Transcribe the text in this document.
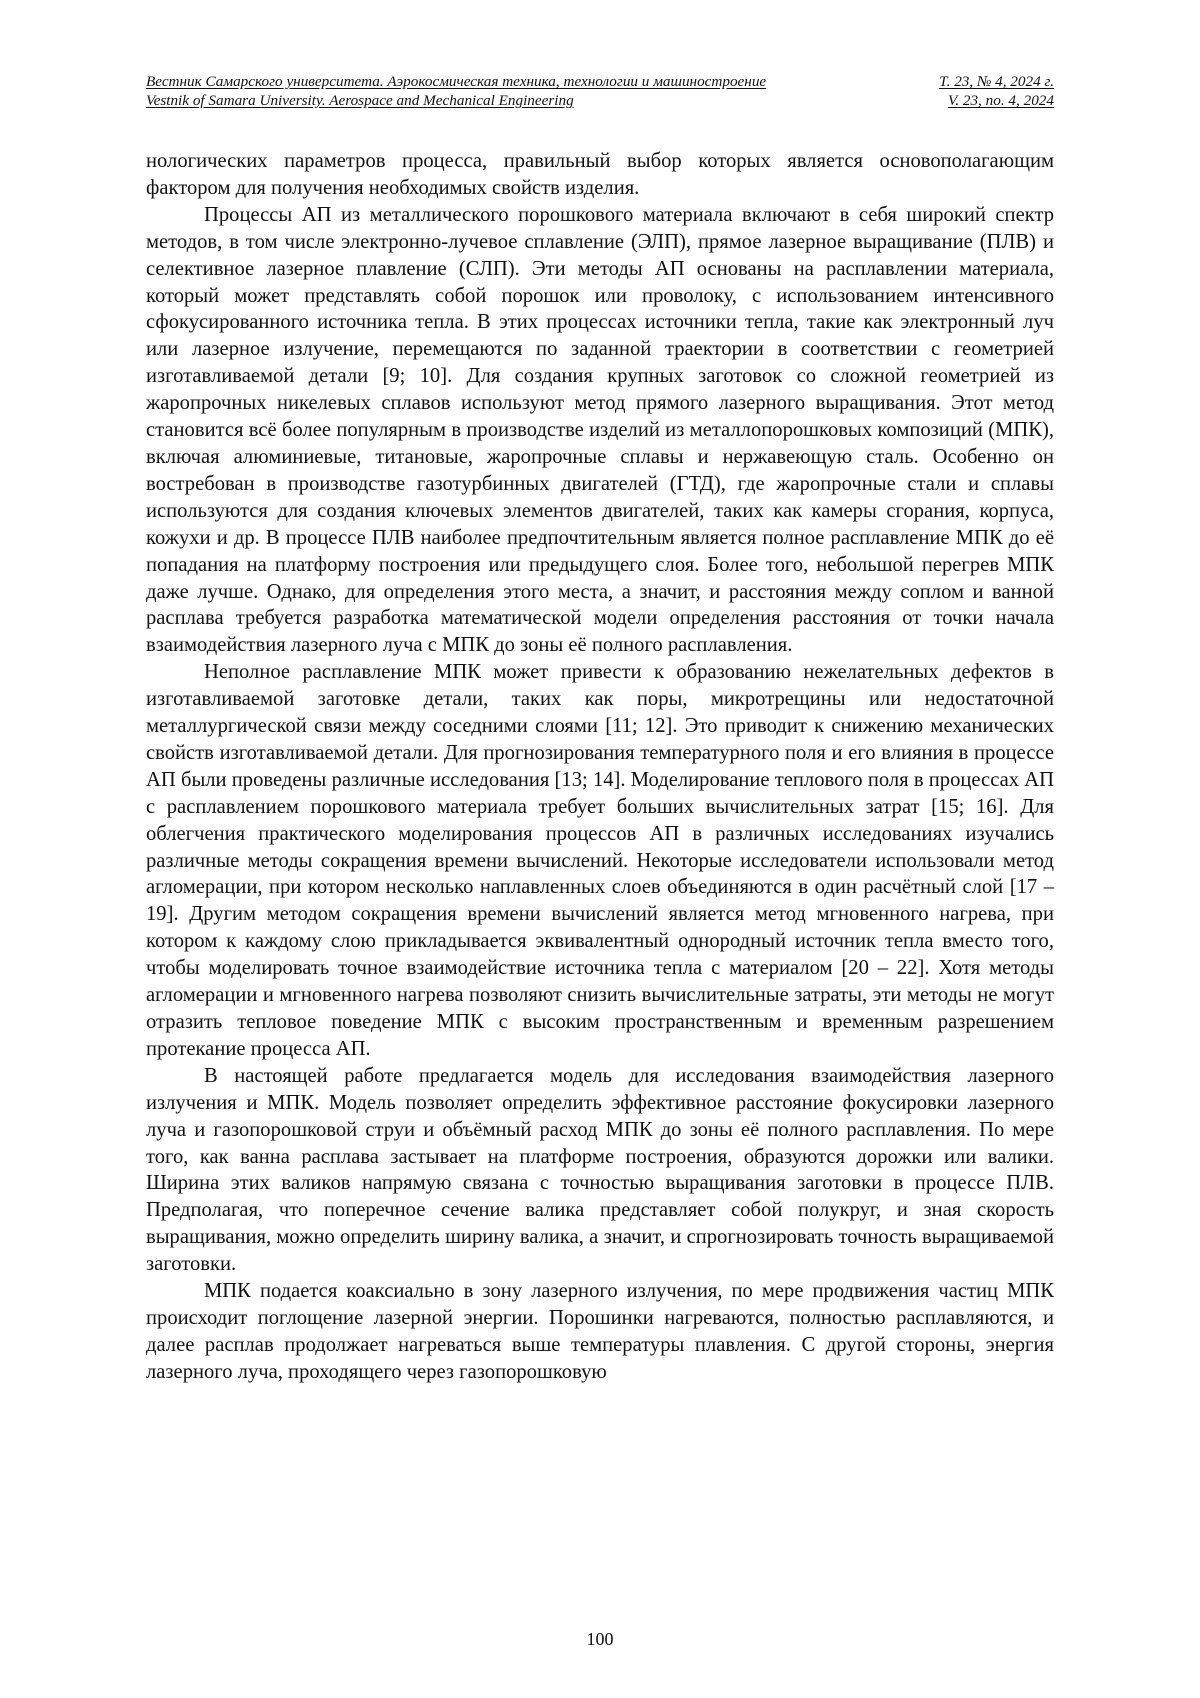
Вестник Самарского университета. Аэрокосмическая техника, технологии и машиностроение	Т. 23, № 4, 2024 г.
Vestnik of Samara University. Aerospace and Mechanical Engineering	V. 23, no. 4, 2024

нологических параметров процесса, правильный выбор которых является основополагающим фактором для получения необходимых свойств изделия.

Процессы АП из металлического порошкового материала включают в себя широкий спектр методов, в том числе электронно-лучевое сплавление (ЭЛП), прямое лазерное выращивание (ПЛВ) и селективное лазерное плавление (СЛП). Эти методы АП основаны на расплавлении материала, который может представлять собой порошок или проволоку, с использованием интенсивного сфокусированного источника тепла. В этих процессах источники тепла, такие как электронный луч или лазерное излучение, перемещаются по заданной траектории в соответствии с геометрией изготавливаемой детали [9; 10]. Для создания крупных заготовок со сложной геометрией из жаропрочных никелевых сплавов используют метод прямого лазерного выращивания. Этот метод становится всё более популярным в производстве изделий из металлопорошковых композиций (МПК), включая алюминиевые, титановые, жаропрочные сплавы и нержавеющую сталь. Особенно он востребован в производстве газотурбинных двигателей (ГТД), где жаропрочные стали и сплавы используются для создания ключевых элементов двигателей, таких как камеры сгорания, корпуса, кожухи и др. В процессе ПЛВ наиболее предпочтительным является полное расплавление МПК до её попадания на платформу построения или предыдущего слоя. Более того, небольшой перегрев МПК даже лучше. Однако, для определения этого места, а значит, и расстояния между соплом и ванной расплава требуется разработка математической модели определения расстояния от точки начала взаимодействия лазерного луча с МПК до зоны её полного расплавления.

Неполное расплавление МПК может привести к образованию нежелательных дефектов в изготавливаемой заготовке детали, таких как поры, микротрещины или недостаточной металлургической связи между соседними слоями [11; 12]. Это приводит к снижению механических свойств изготавливаемой детали. Для прогнозирования температурного поля и его влияния в процессе АП были проведены различные исследования [13; 14]. Моделирование теплового поля в процессах АП с расплавлением порошкового материала требует больших вычислительных затрат [15; 16]. Для облегчения практического моделирования процессов АП в различных исследованиях изучались различные методы сокращения времени вычислений. Некоторые исследователи использовали метод агломерации, при котором несколько наплавленных слоев объединяются в один расчётный слой [17 – 19]. Другим методом сокращения времени вычислений является метод мгновенного нагрева, при котором к каждому слою прикладывается эквивалентный однородный источник тепла вместо того, чтобы моделировать точное взаимодействие источника тепла с материалом [20 – 22]. Хотя методы агломерации и мгновенного нагрева позволяют снизить вычислительные затраты, эти методы не могут отразить тепловое поведение МПК с высоким пространственным и временным разрешением протекание процесса АП.

В настоящей работе предлагается модель для исследования взаимодействия лазерного излучения и МПК. Модель позволяет определить эффективное расстояние фокусировки лазерного луча и газопорошковой струи и объёмный расход МПК до зоны её полного расплавления. По мере того, как ванна расплава застывает на платформе построения, образуются дорожки или валики. Ширина этих валиков напрямую связана с точностью выращивания заготовки в процессе ПЛВ. Предполагая, что поперечное сечение валика представляет собой полукруг, и зная скорость выращивания, можно определить ширину валика, а значит, и спрогнозировать точность выращиваемой заготовки.

МПК подается коаксиально в зону лазерного излучения, по мере продвижения частиц МПК происходит поглощение лазерной энергии. Порошинки нагреваются, полностью расплавляются, и далее расплав продолжает нагреваться выше температуры плавления. С другой стороны, энергия лазерного луча, проходящего через газопорошковую

100
